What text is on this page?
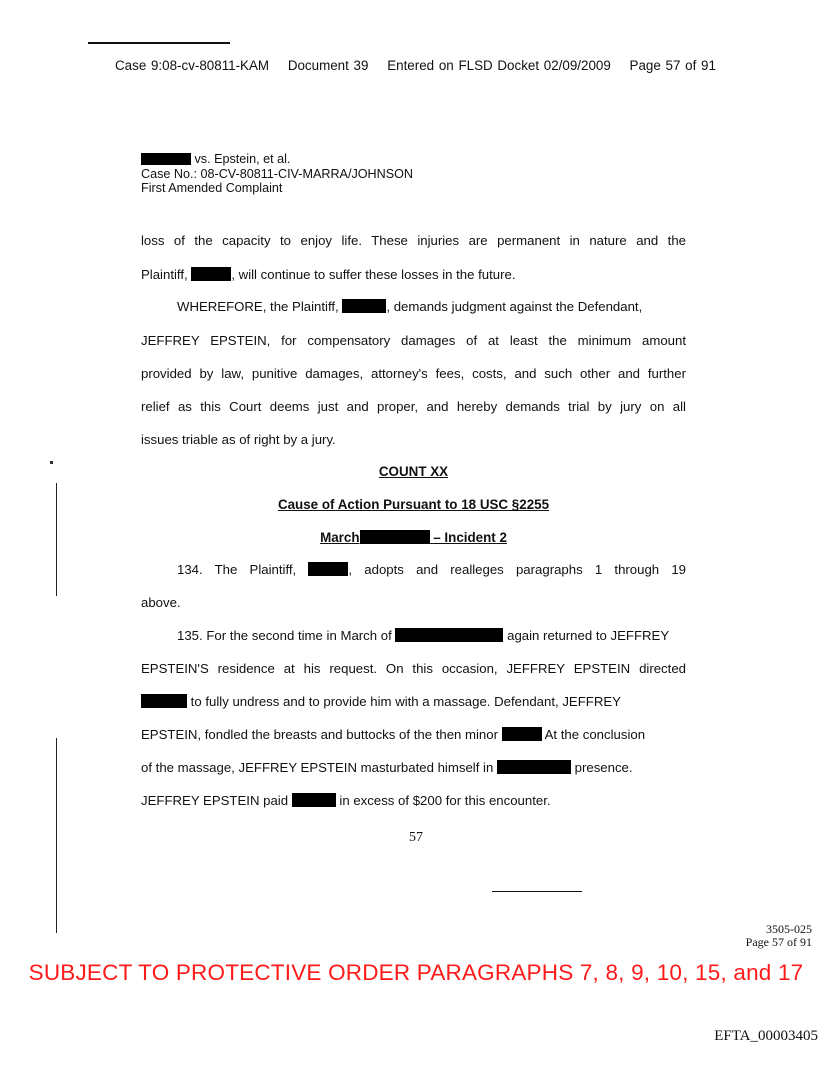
Case 9:08-cv-80811-KAM Document 39 Entered on FLSD Docket 02/09/2009 Page 57 of 91
vs. Epstein, et al.
Case No.: 08-CV-80811-CIV-MARRA/JOHNSON
First Amended Complaint
loss of the capacity to enjoy life. These injuries are permanent in nature and the
Plaintiff,	, will continue to suffer these losses in the future.
WHEREFORE, the Plaintiff,	, demands judgment against the Defendant,
JEFFREY EPSTEIN, for compensatory damages of at least the minimum amount
provided by law, punitive damages, attorney's fees, costs, and such other and further
relief as this Court deems just and proper, and hereby demands trial by jury on all
issues triable as of right by a jury.
134. The Plaintiff,	, adopts and realleges paragraphs 1 through 19
above.
135. For the second time in March of	again returned to JEFFREY
EPSTEIN'S residence at his request. On this occasion, JEFFREY EPSTEIN directed
to fully undress and to provide him with a massage. Defendant, JEFFREY
EPSTEIN, fondled the breasts and buttocks of the then minor	At the conclusion
of the massage, JEFFREY EPSTEIN masturbated himself in	presence.
JEFFREY EPSTEIN paid	in excess of $200 for this encounter.
COUNT XX
Cause of Action Pursuant to 18 USC §2255
March	– Incident 2
57
3505-025
Page 57 of 91
SUBJECT TO PROTECTIVE ORDER PARAGRAPHS 7, 8, 9, 10, 15, and 17
EFTA_00003405
